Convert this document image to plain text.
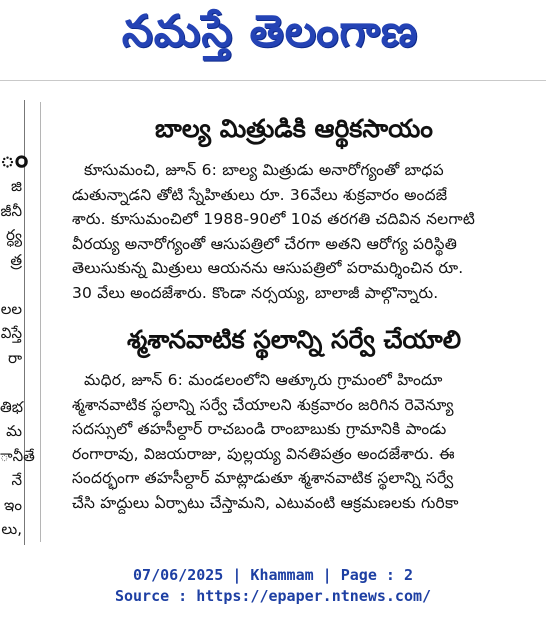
నమస్తే తెలంగాణ
ం
జి
జీనీ
ర్ధ్య
త్ర

లల
విస్తే
రా

తిభ
మ
ానీతే
నే
ఇం
లు,
బాల్య మిత్రుడికి ఆర్థికసాయం
కూసుమంచి, జూన్ 6: బాల్య మిత్రుడు అనారోగ్యంతో బాధప
డుతున్నాడని తోటి స్నేహితులు రూ. 36వేలు శుక్రవారం అందజే
శారు. కూసుమంచిలో 1988-90లో 10వ తరగతి చదివిన నలగాటి
వీరయ్య అనారోగ్యంతో ఆసుపత్రిలో చేరగా అతని ఆరోగ్య పరిస్థితి
తెలుసుకున్న మిత్రులు ఆయనను ఆసుపత్రిలో పరామర్శించిన రూ.
30 వేలు అందజేశారు. కొండా నర్సయ్య, బాలాజీ పాల్గొన్నారు.
శ్మశానవాటిక స్థలాన్ని సర్వే చేయాలి
మధిర, జూన్ 6: మండలంలోని ఆత్కూరు గ్రామంలో హిందూ
శ్మశానవాటిక స్థలాన్ని సర్వే చేయాలని శుక్రవారం జరిగిన రెవెన్యూ
సదస్సులో తహసీల్దార్ రాచబండి రాంబాబుకు గ్రామానికి పాండు
రంగారావు, విజయరాజు, పుల్లయ్య వినతిపత్రం అందజేశారు. ఈ
సందర్భంగా తహసీల్దార్ మాట్లాడుతూ శ్మశానవాటిక స్థలాన్ని సర్వే
చేసి హద్దులు ఏర్పాటు చేస్తామని, ఎటువంటి ఆక్రమణలకు గురికా
07/06/2025 | Khammam | Page : 2
Source : https://epaper.ntnews.com/
